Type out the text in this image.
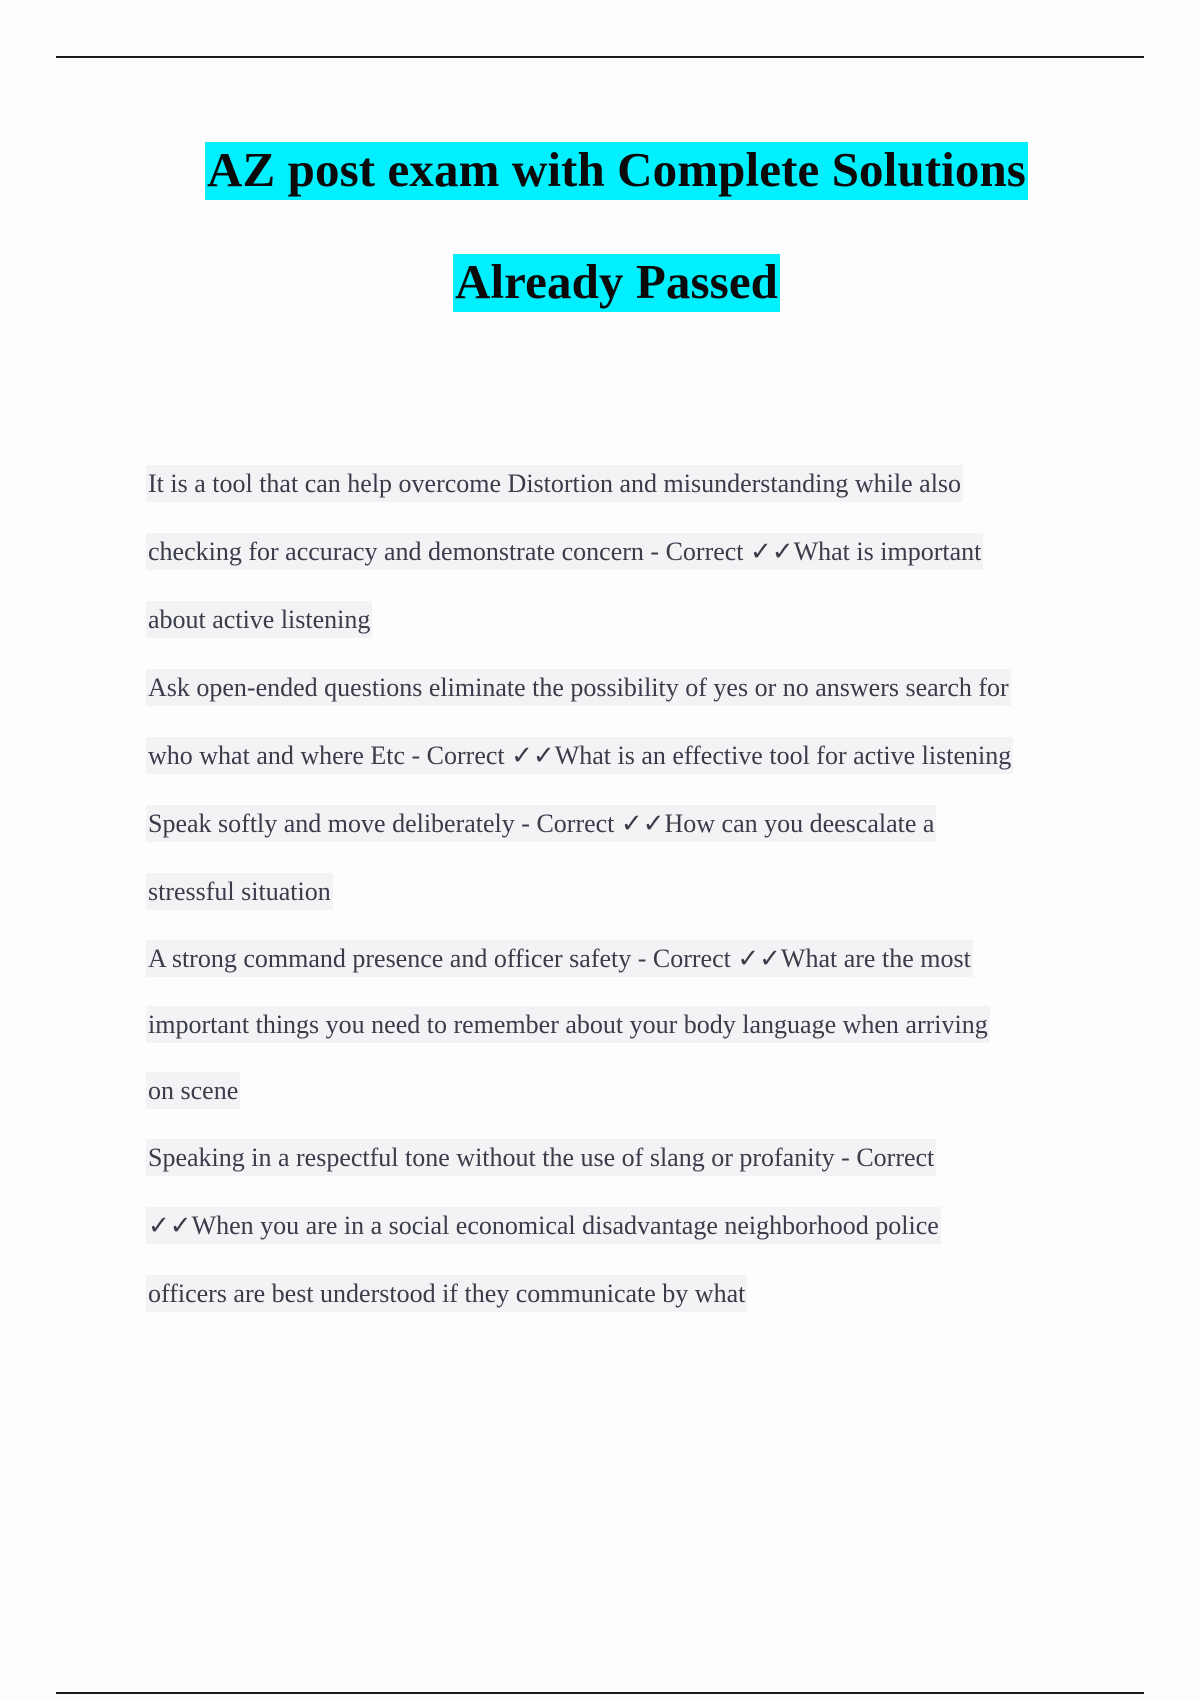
AZ post exam with Complete Solutions
Already Passed
It is a tool that can help overcome Distortion and misunderstanding while also
checking for accuracy and demonstrate concern - Correct ✓✓What is important
about active listening
Ask open-ended questions eliminate the possibility of yes or no answers search for
who what and where Etc - Correct ✓✓What is an effective tool for active listening
Speak softly and move deliberately - Correct ✓✓How can you deescalate a
stressful situation
A strong command presence and officer safety - Correct ✓✓What are the most
important things you need to remember about your body language when arriving
on scene
Speaking in a respectful tone without the use of slang or profanity - Correct
✓✓When you are in a social economical disadvantage neighborhood police
officers are best understood if they communicate by what
